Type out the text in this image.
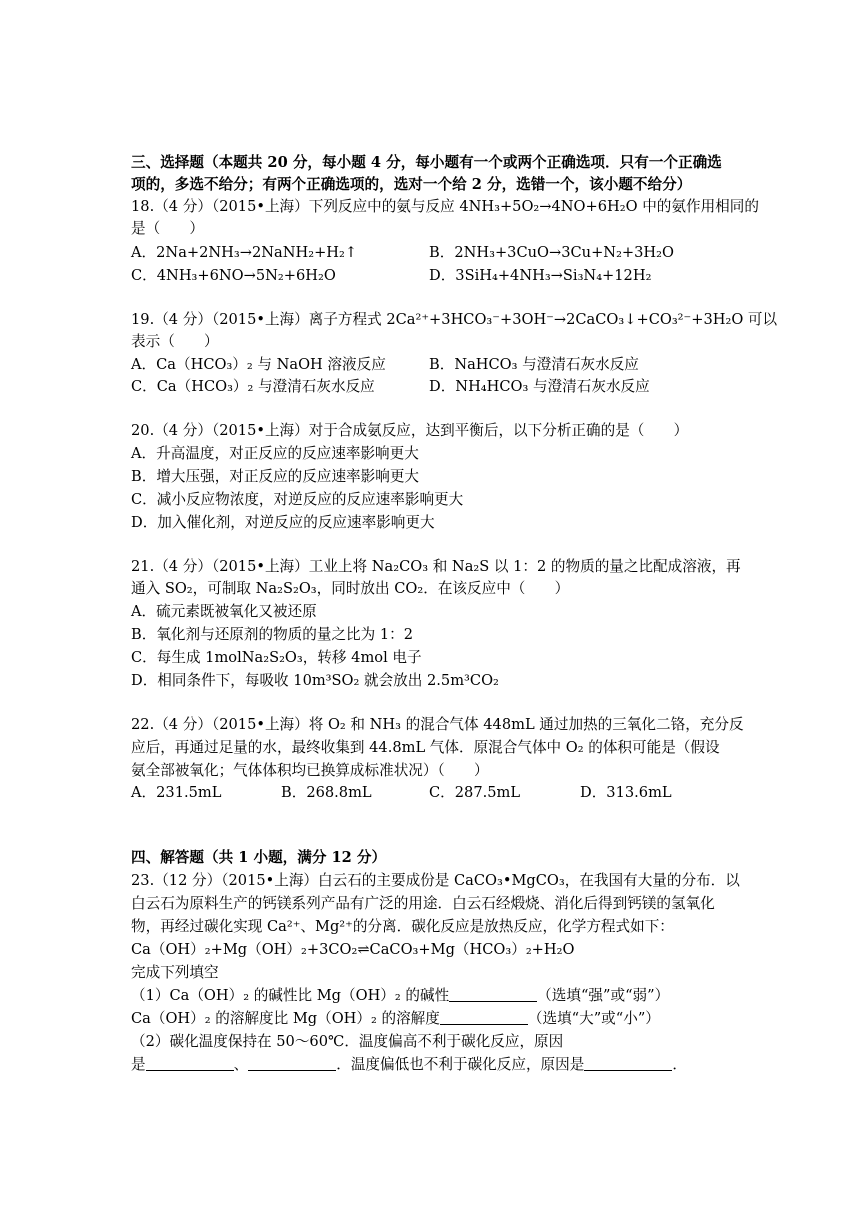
三、选择题（本题共 20 分，每小题 4 分，每小题有一个或两个正确选项．只有一个正确选
项的，多选不给分；有两个正确选项的，选对一个给 2 分，选错一个，该小题不给分）
18.（4 分）（2015•上海）下列反应中的氨与反应 4NH₃+5O₂→4NO+6H₂O 中的氨作用相同的
是（　　）
A．2Na+2NH₃→2NaNH₂+H₂↑	B．2NH₃+3CuO→3Cu+N₂+3H₂O
C．4NH₃+6NO→5N₂+6H₂O	D．3SiH₄+4NH₃→Si₃N₄+12H₂
19.（4 分）（2015•上海）离子方程式 2Ca²⁺+3HCO₃⁻+3OH⁻→2CaCO₃↓+CO₃²⁻+3H₂O 可以
表示（　　）
A．Ca（HCO₃）₂ 与 NaOH 溶液反应	B．NaHCO₃ 与澄清石灰水反应
C．Ca（HCO₃）₂ 与澄清石灰水反应	D．NH₄HCO₃ 与澄清石灰水反应
20.（4 分）（2015•上海）对于合成氨反应，达到平衡后，以下分析正确的是（　　）
A．升高温度，对正反应的反应速率影响更大
B．增大压强，对正反应的反应速率影响更大
C．减小反应物浓度，对逆反应的反应速率影响更大
D．加入催化剂，对逆反应的反应速率影响更大
21.（4 分）（2015•上海）工业上将 Na₂CO₃ 和 Na₂S 以 1：2 的物质的量之比配成溶液，再
通入 SO₂，可制取 Na₂S₂O₃，同时放出 CO₂．在该反应中（　　）
A．硫元素既被氧化又被还原
B．氧化剂与还原剂的物质的量之比为 1：2
C．每生成 1molNa₂S₂O₃，转移 4mol 电子
D．相同条件下，每吸收 10m³SO₂ 就会放出 2.5m³CO₂
22.（4 分）（2015•上海）将 O₂ 和 NH₃ 的混合气体 448mL 通过加热的三氧化二铬，充分反
应后，再通过足量的水，最终收集到 44.8mL 气体．原混合气体中 O₂ 的体积可能是（假设
氨全部被氧化；气体体积均已换算成标准状况）（　　）
A．231.5mL	B．268.8mL	C．287.5mL	D．313.6mL
四、解答题（共 1 小题，满分 12 分）
23.（12 分）（2015•上海）白云石的主要成份是 CaCO₃•MgCO₃，在我国有大量的分布．以
白云石为原料生产的钙镁系列产品有广泛的用途．白云石经煅烧、消化后得到钙镁的氢氧化
物，再经过碳化实现 Ca²⁺、Mg²⁺的分离．碳化反应是放热反应，化学方程式如下：
Ca（OH）₂+Mg（OH）₂+3CO₂⇌CaCO₃+Mg（HCO₃）₂+H₂O
完成下列填空
（1）Ca（OH）₂ 的碱性比 Mg（OH）₂ 的碱性	（选填“强”或“弱”）
Ca（OH）₂ 的溶解度比 Mg（OH）₂ 的溶解度	（选填“大”或“小”）
（2）碳化温度保持在 50～60℃．温度偏高不利于碳化反应，原因
是	、	．温度偏低也不利于碳化反应，原因是	．
